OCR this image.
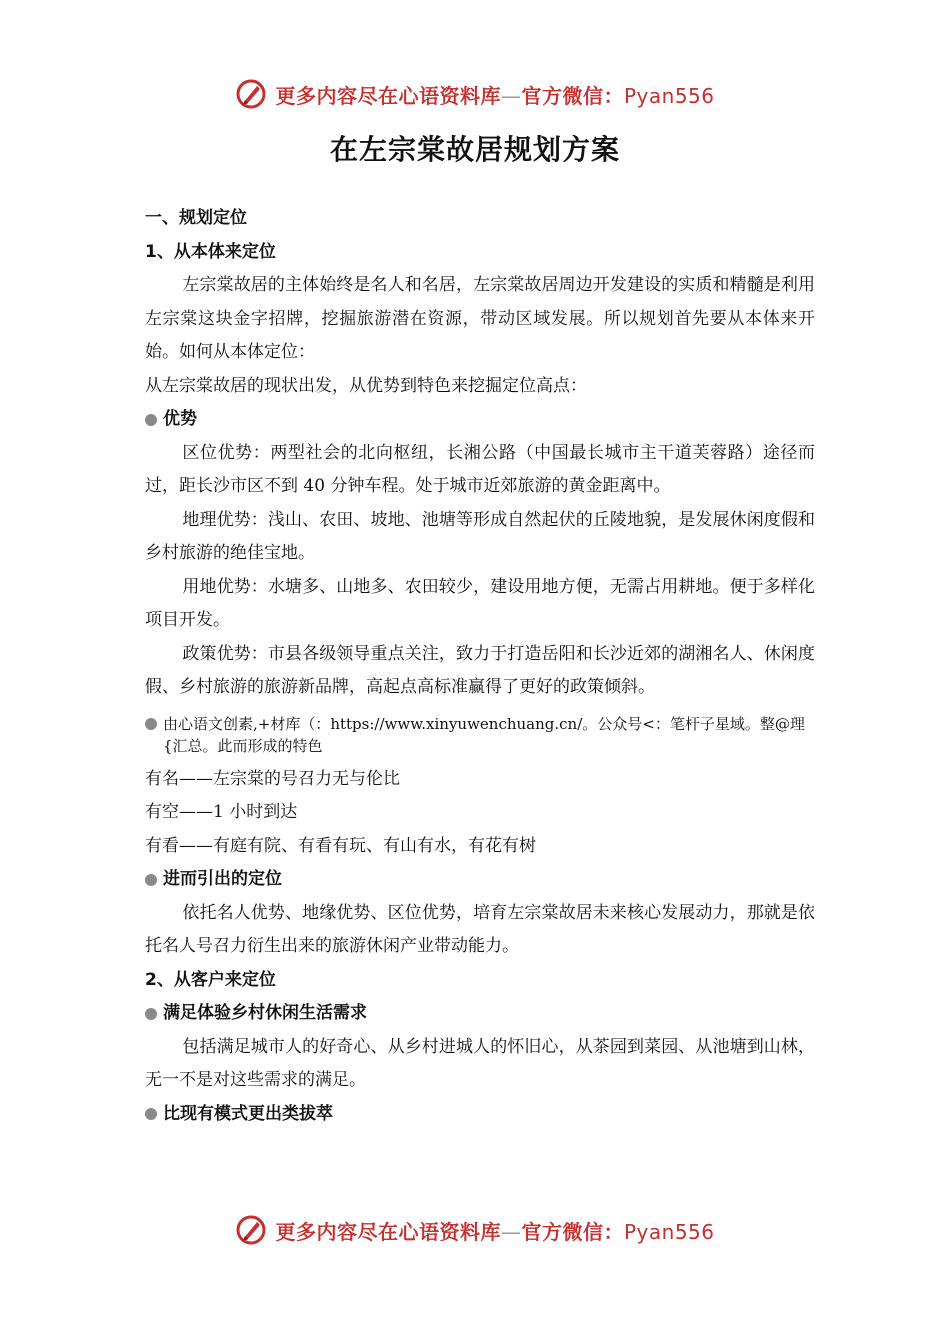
更多内容尽在心语资料库—官方微信：Pyan556
在左宗棠故居规划方案

一、规划定位

1、从本体来定位

左宗棠故居的主体始终是名人和名居，左宗棠故居周边开发建设的实质和精髓是利用左宗棠这块金字招牌，挖掘旅游潜在资源，带动区域发展。所以规划首先要从本体来开始。如何从本体定位：

从左宗棠故居的现状出发，从优势到特色来挖掘定位高点：

优势

区位优势：两型社会的北向枢纽，长湘公路（中国最长城市主干道芙蓉路）途径而过，距长沙市区不到 40 分钟车程。处于城市近郊旅游的黄金距离中。

地理优势：浅山、农田、坡地、池塘等形成自然起伏的丘陵地貌，是发展休闲度假和乡村旅游的绝佳宝地。

用地优势：水塘多、山地多、农田较少，建设用地方便，无需占用耕地。便于多样化项目开发。

政策优势：市县各级领导重点关注，致力于打造岳阳和长沙近郊的湖湘名人、休闲度假、乡村旅游的旅游新品牌，高起点高标准赢得了更好的政策倾斜。

由心语文创素,+材库（：https://www.xinyuwenchuang.cn/。公众号<：笔杆子星域。整@理{汇总。此而形成的特色

有名——左宗棠的号召力无与伦比

有空——1 小时到达

有看——有庭有院、有看有玩、有山有水，有花有树

进而引出的定位

依托名人优势、地缘优势、区位优势，培育左宗棠故居未来核心发展动力，那就是依托名人号召力衍生出来的旅游休闲产业带动能力。

2、从客户来定位

满足体验乡村休闲生活需求

包括满足城市人的好奇心、从乡村进城人的怀旧心，从茶园到菜园、从池塘到山林，无一不是对这些需求的满足。

比现有模式更出类拔萃

更多内容尽在心语资料库—官方微信：Pyan556
